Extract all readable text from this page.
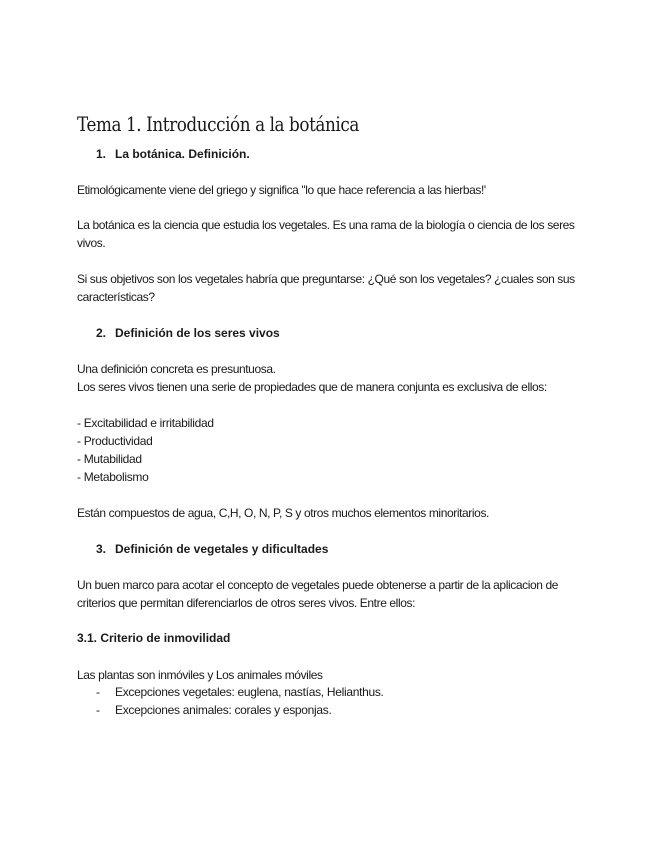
Tema 1. Introducción a la botánica
1. La botánica. Definición.

Etimológicamente viene del griego y significa "lo que hace referencia a las hierbas!'

La botánica es la ciencia que estudia los vegetales. Es una rama de la biología o ciencia de los seres vivos.

Si sus objetivos son los vegetales habría que preguntarse: ¿Qué son los vegetales? ¿cuales son sus características?

2. Definición de los seres vivos

Una definición concreta es presuntuosa.

Los seres vivos tienen una serie de propiedades que de manera conjunta es exclusiva de ellos:

- Excitabilidad e irritabilidad
- Productividad
- Mutabilidad
- Metabolismo

Están compuestos de agua, C,H, O, N, P, S y otros muchos elementos minoritarios.

3. Definición de vegetales y dificultades

Un buen marco para acotar el concepto de vegetales puede obtenerse a partir de la aplicacion de criterios que permitan diferenciarlos de otros seres vivos. Entre ellos:

3.1. Criterio de inmovilidad

Las plantas son inmóviles y Los animales móviles

- Excepciones vegetales: euglena, nastías, Helianthus.
- Excepciones animales: corales y esponjas.
